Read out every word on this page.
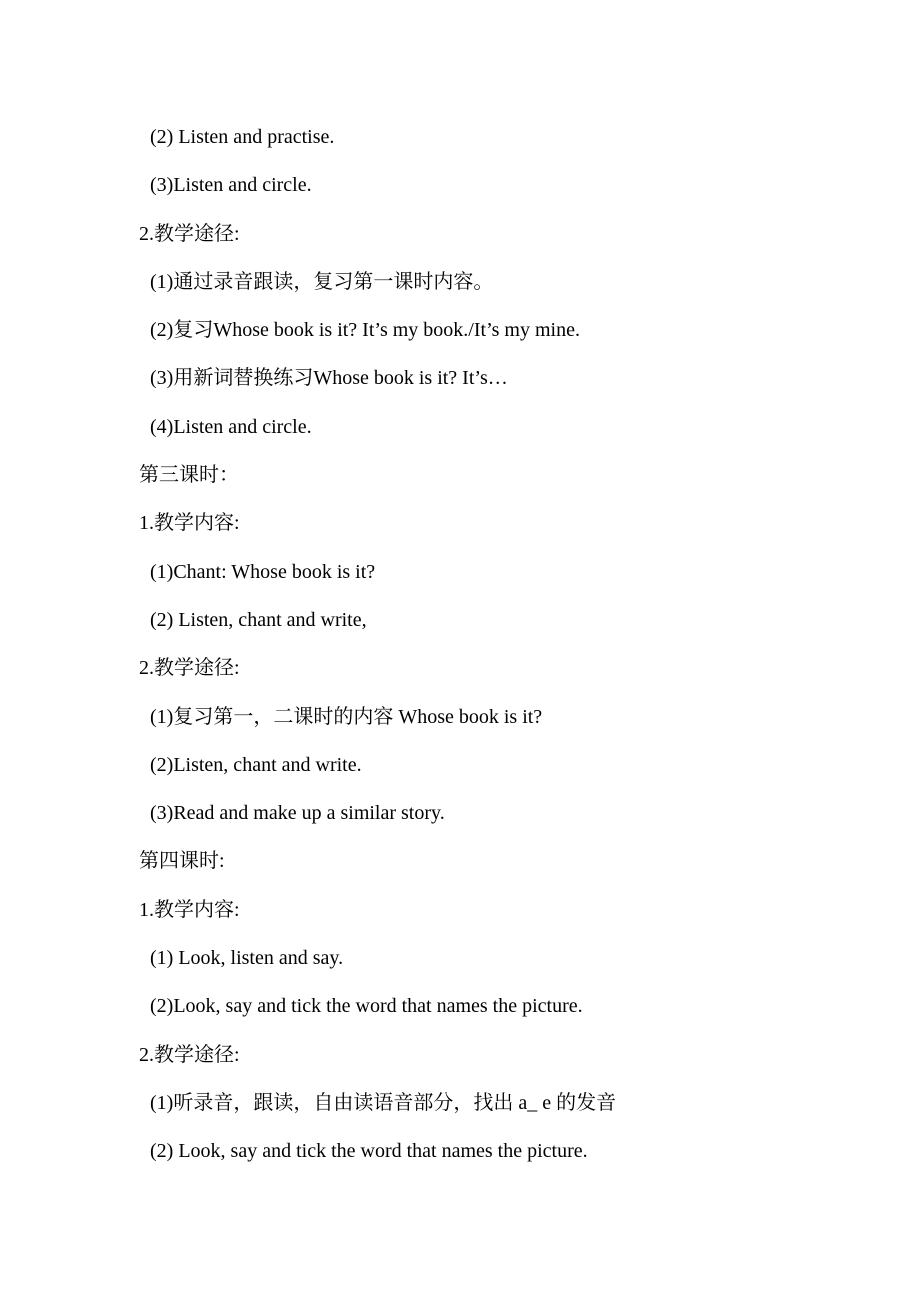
(2) Listen and practise.
(3)Listen and circle.
2.教学途径:
(1)通过录音跟读，复习第一课时内容。
(2)复习Whose book is it? It’s my book./It’s my mine.
(3)用新词替换练习Whose book is it? It’s…
(4)Listen and circle.
第三课时：
1.教学内容:
(1)Chant: Whose book is it?
(2) Listen, chant and write,
2.教学途径:
(1)复习第一，二课时的内容 Whose book is it?
(2)Listen, chant and write.
(3)Read and make up a similar story.
第四课时:
1.教学内容:
(1) Look, listen and say.
(2)Look, say and tick the word that names the picture.
2.教学途径:
(1)听录音，跟读，自由读语音部分，找出 a_ e 的发音
(2) Look, say and tick the word that names the picture.
